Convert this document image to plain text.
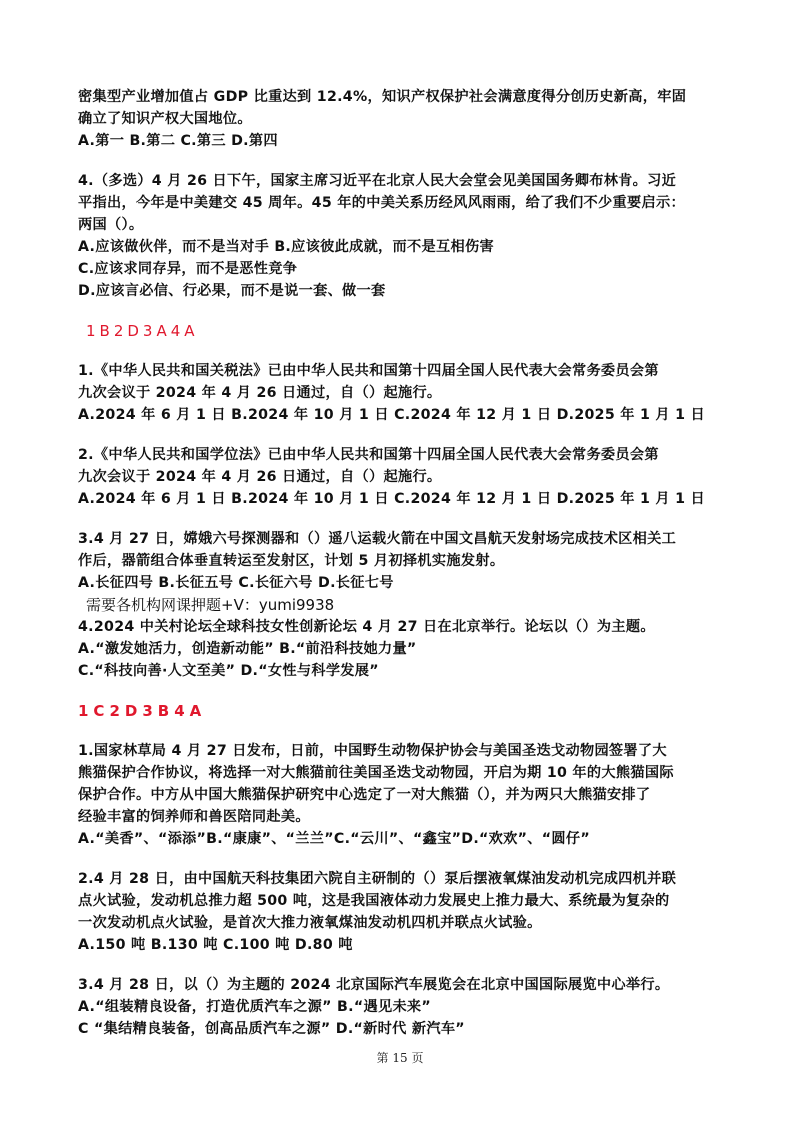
密集型产业增加值占 GDP 比重达到 12.4%，知识产权保护社会满意度得分创历史新高，牢固
确立了知识产权大国地位。
A.第一 B.第二 C.第三 D.第四
4.（多选）4 月 26 日下午，国家主席习近平在北京人民大会堂会见美国国务卿布林肯。习近
平指出，今年是中美建交 45 周年。45 年的中美关系历经风风雨雨，给了我们不少重要启示：
两国（）。
A.应该做伙伴，而不是当对手 B.应该彼此成就，而不是互相伤害
C.应该求同存异，而不是恶性竞争
D.应该言必信、行必果，而不是说一套、做一套
1B2D3A4A
1.《中华人民共和国关税法》已由中华人民共和国第十四届全国人民代表大会常务委员会第
九次会议于 2024 年 4 月 26 日通过，自（）起施行。
A.2024 年 6 月 1 日 B.2024 年 10 月 1 日 C.2024 年 12 月 1 日 D.2025 年 1 月 1 日
2.《中华人民共和国学位法》已由中华人民共和国第十四届全国人民代表大会常务委员会第
九次会议于 2024 年 4 月 26 日通过，自（）起施行。
A.2024 年 6 月 1 日 B.2024 年 10 月 1 日 C.2024 年 12 月 1 日 D.2025 年 1 月 1 日
3.4 月 27 日，嫦娥六号探测器和（）遥八运载火箭在中国文昌航天发射场完成技术区相关工
作后，器箭组合体垂直转运至发射区，计划 5 月初择机实施发射。
A.长征四号 B.长征五号 C.长征六号 D.长征七号
需要各机构网课押题+V：yumi9938
4.2024 中关村论坛全球科技女性创新论坛 4 月 27 日在北京举行。论坛以（）为主题。
A.“激发她活力，创造新动能” B.“前沿科技她力量”
C.“科技向善·人文至美” D.“女性与科学发展”
1C2D3B4A
1.国家林草局 4 月 27 日发布，日前，中国野生动物保护协会与美国圣迭戈动物园签署了大
熊猫保护合作协议，将选择一对大熊猫前往美国圣迭戈动物园，开启为期 10 年的大熊猫国际
保护合作。中方从中国大熊猫保护研究中心选定了一对大熊猫（），并为两只大熊猫安排了
经验丰富的饲养师和兽医陪同赴美。
A.“美香”、“添添”B.“康康”、“兰兰”C.“云川”、“鑫宝”D.“欢欢”、“圆仔”
2.4 月 28 日，由中国航天科技集团六院自主研制的（）泵后摆液氧煤油发动机完成四机并联
点火试验，发动机总推力超 500 吨，这是我国液体动力发展史上推力最大、系统最为复杂的
一次发动机点火试验，是首次大推力液氧煤油发动机四机并联点火试验。
A.150 吨 B.130 吨 C.100 吨 D.80 吨
3.4 月 28 日，以（）为主题的 2024 北京国际汽车展览会在北京中国国际展览中心举行。
A.“组装精良设备，打造优质汽车之源” B.“遇见未来”
C “集结精良装备，创高品质汽车之源” D.“新时代 新汽车”
第 15 页
